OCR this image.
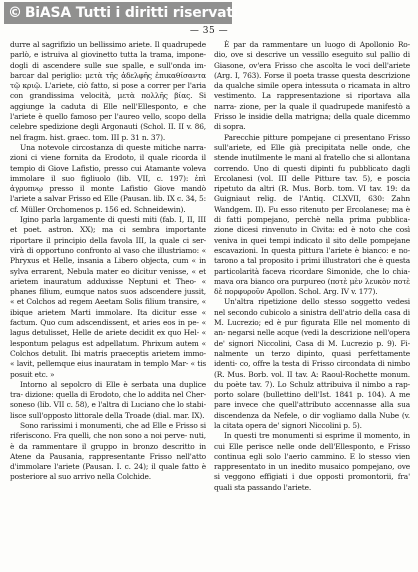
© BiASA Tutti i diritti riservati
— 35 —

durre al sagrifizio un bellissimo ariete. Il quadrupede parlò, e istruiva al giovinetto tutta la trama, impone- dogli di ascendere sulle sue spalle, e sull'onda im- barcar dal periglio: μετὰ τῆς ἀδελφῆς ἐπικαθίσαντα τῷ κριῷ. L'ariete, ciò fatto, si pose a correr per l'aria con grandissima velocità, μετὰ πολλῆς βίας. Si aggiunge la caduta di Elle nell'Ellesponto, e che l'ariete è quello famoso per l'aureo vello, scopo della celebre spedizione degli Argonauti (Schol. II. II v. 86, nel fragm. hist. graec. tom. III p. 31 n. 37).

Una notevole circostanza di queste mitiche narra- zioni ci viene fornita da Erodoto, il quale ricorda il tempio di Giove Lafistio, presso cui Atamante voleva immolare il suo figliuolo (lib. VII, c. 197): ἐπὶ ἀγρυπνῳ presso il monte Lafistio Giove mandò l'ariete a salvar Frisso ed Elle (Pausan. lib. IX c. 34, 5: cf. Müller Orchomenos p. 156 ed. Schneidewin).

Igino parla largamente di questi miti (fab. I, II, III et poet. astron. XX); ma ci sembra importante riportare il principio della favola III, la quale ci ser- virà di opportuno confronto al vaso che illustriamo: « Phryxus et Helle, insania a Libero objecta, cum « in sylva errarent, Nebula mater eo dicitur venisse, « et arietem inauratum adduxisse Neptuni et Theo- « phanes filium, eumque natos suos adscendere jussit, « et Colchos ad regem Aeetam Solis filium transire, « ibique arietem Marti immolare. Ita dicitur esse « factum. Quo cum adscendissent, et aries eos in pe- « lagus detulisset, Helle de ariete decidit ex quo Hel- « lespontum pelagus est adpellatum. Phrixum autem « Colchos detulit. Ibi matris praeceptis arietem immo- « lavit, pellemque eius inauratam in templo Mar- « tis posuit etc. »

Intorno al sepolcro di Elle è serbata una duplice tra- dizione: quella di Erodoto, che lo addita nel Cher- soneso (lib. VII c. 58), e l'altra di Luciano che lo stabi- lisce sull'opposto littorale della Troade (dial. mar. IX).

Sono rarissimi i monumenti, che ad Elle e Frisso si riferiscono. Fra quelli, che non sono a noi perve- nuti, è da rammentare il gruppo in bronzo descritto in Atene da Pausania, rappresentante Frisso nell'atto d'immolare l'ariete (Pausan. I. c. 24); il quale fatto è posteriore al suo arrivo nella Colchide.

È par da rammentare un luogo di Apollonio Ro- dio, ove si descrive un vessillo eseguito sul pallio di Giasone, ov'era Frisso che ascolta le voci dell'ariete (Arg. I, 763). Forse il poeta trasse questa descrizione da qualche simile opera intessuta o ricamata in altro vestimento. La rappresentazione si riportava alla narra- zione, per la quale il quadrupede manifestò a Frisso le insidie della matrigna; della quale dicemmo di sopra.

Parecchie pitture pompejane ci presentano Frisso sull'ariete, ed Elle già precipitata nelle onde, che stende inutilmente le mani al fratello che si allontana correndo. Uno di questi dipinti fu pubblicato dagli Ercolanesi (vol. III delle Pitture tav. 5), e poscia ripetuto da altri (R. Mus. Borb. tom. VI tav. 19: da Guigniaut relig. de l'Antiq. CLXVII, 630: Zahn Wandgem. II). Fu esso ritenuto per Ercolanese; ma è di fatti pompejano, perchè nella prima pubblica- zione dicesi rinvenuto in Civita: ed è noto che così veniva in quei tempi indicato il sito delle pompejane escavazioni. In questa pittura l'ariete è bianco: e no- tarono a tal proposito i primi illustratori che è questa particolarità faceva ricordare Simonide, che lo chia- mava ora bianco ora purpureo (ποτὲ μὲν λευκὸν ποτὲ δὲ πορφυροῦν Apollon. Schol. Arg. IV v. 177).

Un'altra ripetizione dello stesso soggetto vedesi nel secondo cubicolo a sinistra dell'atrio della casa di M. Lucrezio; ed è pur figurata Elle nel momento di an- negarsi nelle acque (vedi la descrizione nell'opera de' signori Niccolini, Casa di M. Lucrezio p. 9). Fi- nalmente un terzo dipinto, quasi perfettamente identi- co, offre la testa di Frisso circondata di nimbo (R. Mus. Borb. vol. II tav. A: Raoul-Rochette monum. du poète tav. 7). Lo Schulz attribuiva il nimbo a rap- porto solare (bullettino dell'Ist. 1841 p. 104). A me pare invece che quell'attributo accennasse alla sua discendenza da Nefele, o dir vogliamo dalla Nube (v. la citata opera de' signori Niccolini p. 5).

In questi tre monumenti si esprime il momento, in cui Elle perisce nelle onde dell'Ellesponto, e Frisso continua egli solo l'aerio cammino. E lo stesso vien rappresentato in un inedito musaico pompejano, ove si veggono effigiati i due opposti promontorii, fra' quali sta passando l'ariete.
